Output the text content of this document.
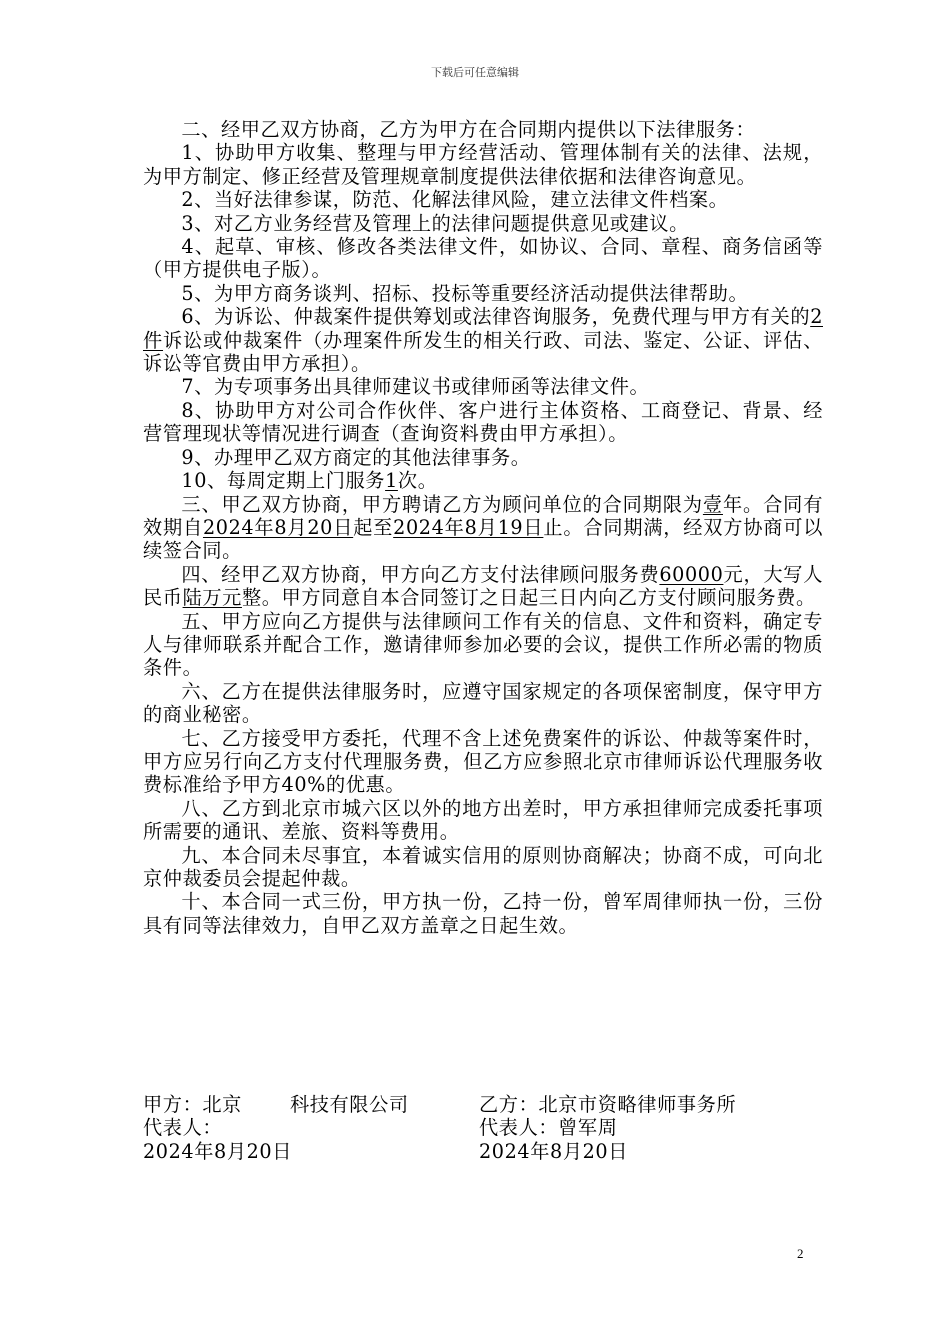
下载后可任意编辑

二、经甲乙双方协商，乙方为甲方在合同期内提供以下法律服务：

1、协助甲方收集、整理与甲方经营活动、管理体制有关的法律、法规，为甲方制定、修正经营及管理规章制度提供法律依据和法律咨询意见。

2、当好法律参谋，防范、化解法律风险，建立法律文件档案。

3、对乙方业务经营及管理上的法律问题提供意见或建议。

4、起草、审核、修改各类法律文件，如协议、合同、章程、商务信函等（甲方提供电子版）。

5、为甲方商务谈判、招标、投标等重要经济活动提供法律帮助。

6、为诉讼、仲裁案件提供筹划或法律咨询服务，免费代理与甲方有关的2件诉讼或仲裁案件（办理案件所发生的相关行政、司法、鉴定、公证、评估、诉讼等官费由甲方承担）。

7、为专项事务出具律师建议书或律师函等法律文件。

8、协助甲方对公司合作伙伴、客户进行主体资格、工商登记、背景、经营管理现状等情况进行调查（查询资料费由甲方承担）。

9、办理甲乙双方商定的其他法律事务。

10、每周定期上门服务1次。

三、甲乙双方协商，甲方聘请乙方为顾问单位的合同期限为壹年。合同有效期自2024年8月20日起至2024年8月19日止。合同期满，经双方协商可以续签合同。

四、经甲乙双方协商，甲方向乙方支付法律顾问服务费60000元，大写人民币陆万元整。甲方同意自本合同签订之日起三日内向乙方支付顾问服务费。

五、甲方应向乙方提供与法律顾问工作有关的信息、文件和资料，确定专人与律师联系并配合工作，邀请律师参加必要的会议，提供工作所必需的物质条件。

六、乙方在提供法律服务时，应遵守国家规定的各项保密制度，保守甲方的商业秘密。

七、乙方接受甲方委托，代理不含上述免费案件的诉讼、仲裁等案件时，甲方应另行向乙方支付代理服务费，但乙方应参照北京市律师诉讼代理服务收费标准给予甲方40%的优惠。

八、乙方到北京市城六区以外的地方出差时，甲方承担律师完成委托事项所需要的通讯、差旅、资料等费用。

九、本合同未尽事宜，本着诚实信用的原则协商解决；协商不成，可向北京仲裁委员会提起仲裁。

十、本合同一式三份，甲方执一份，乙持一份，曾军周律师执一份，三份具有同等法律效力，自甲乙双方盖章之日起生效。

甲方：北京	科技有限公司	乙方：北京市资略律师事务所
代表人：	代表人：曾军周
2024年8月20日	2024年8月20日
2
